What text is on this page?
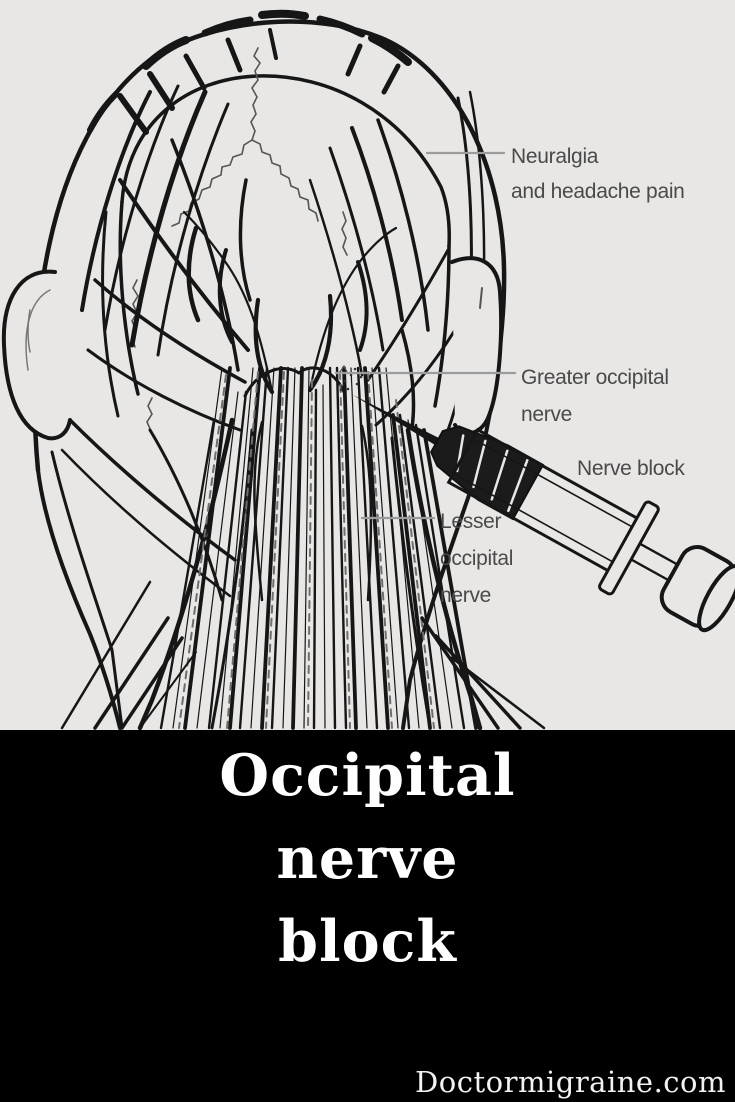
Neuralgia
and headache pain
Greater occipital
nerve
Nerve block
Lesser
occipital
nerve
Occipital
nerve
block
Doctormigraine.com
